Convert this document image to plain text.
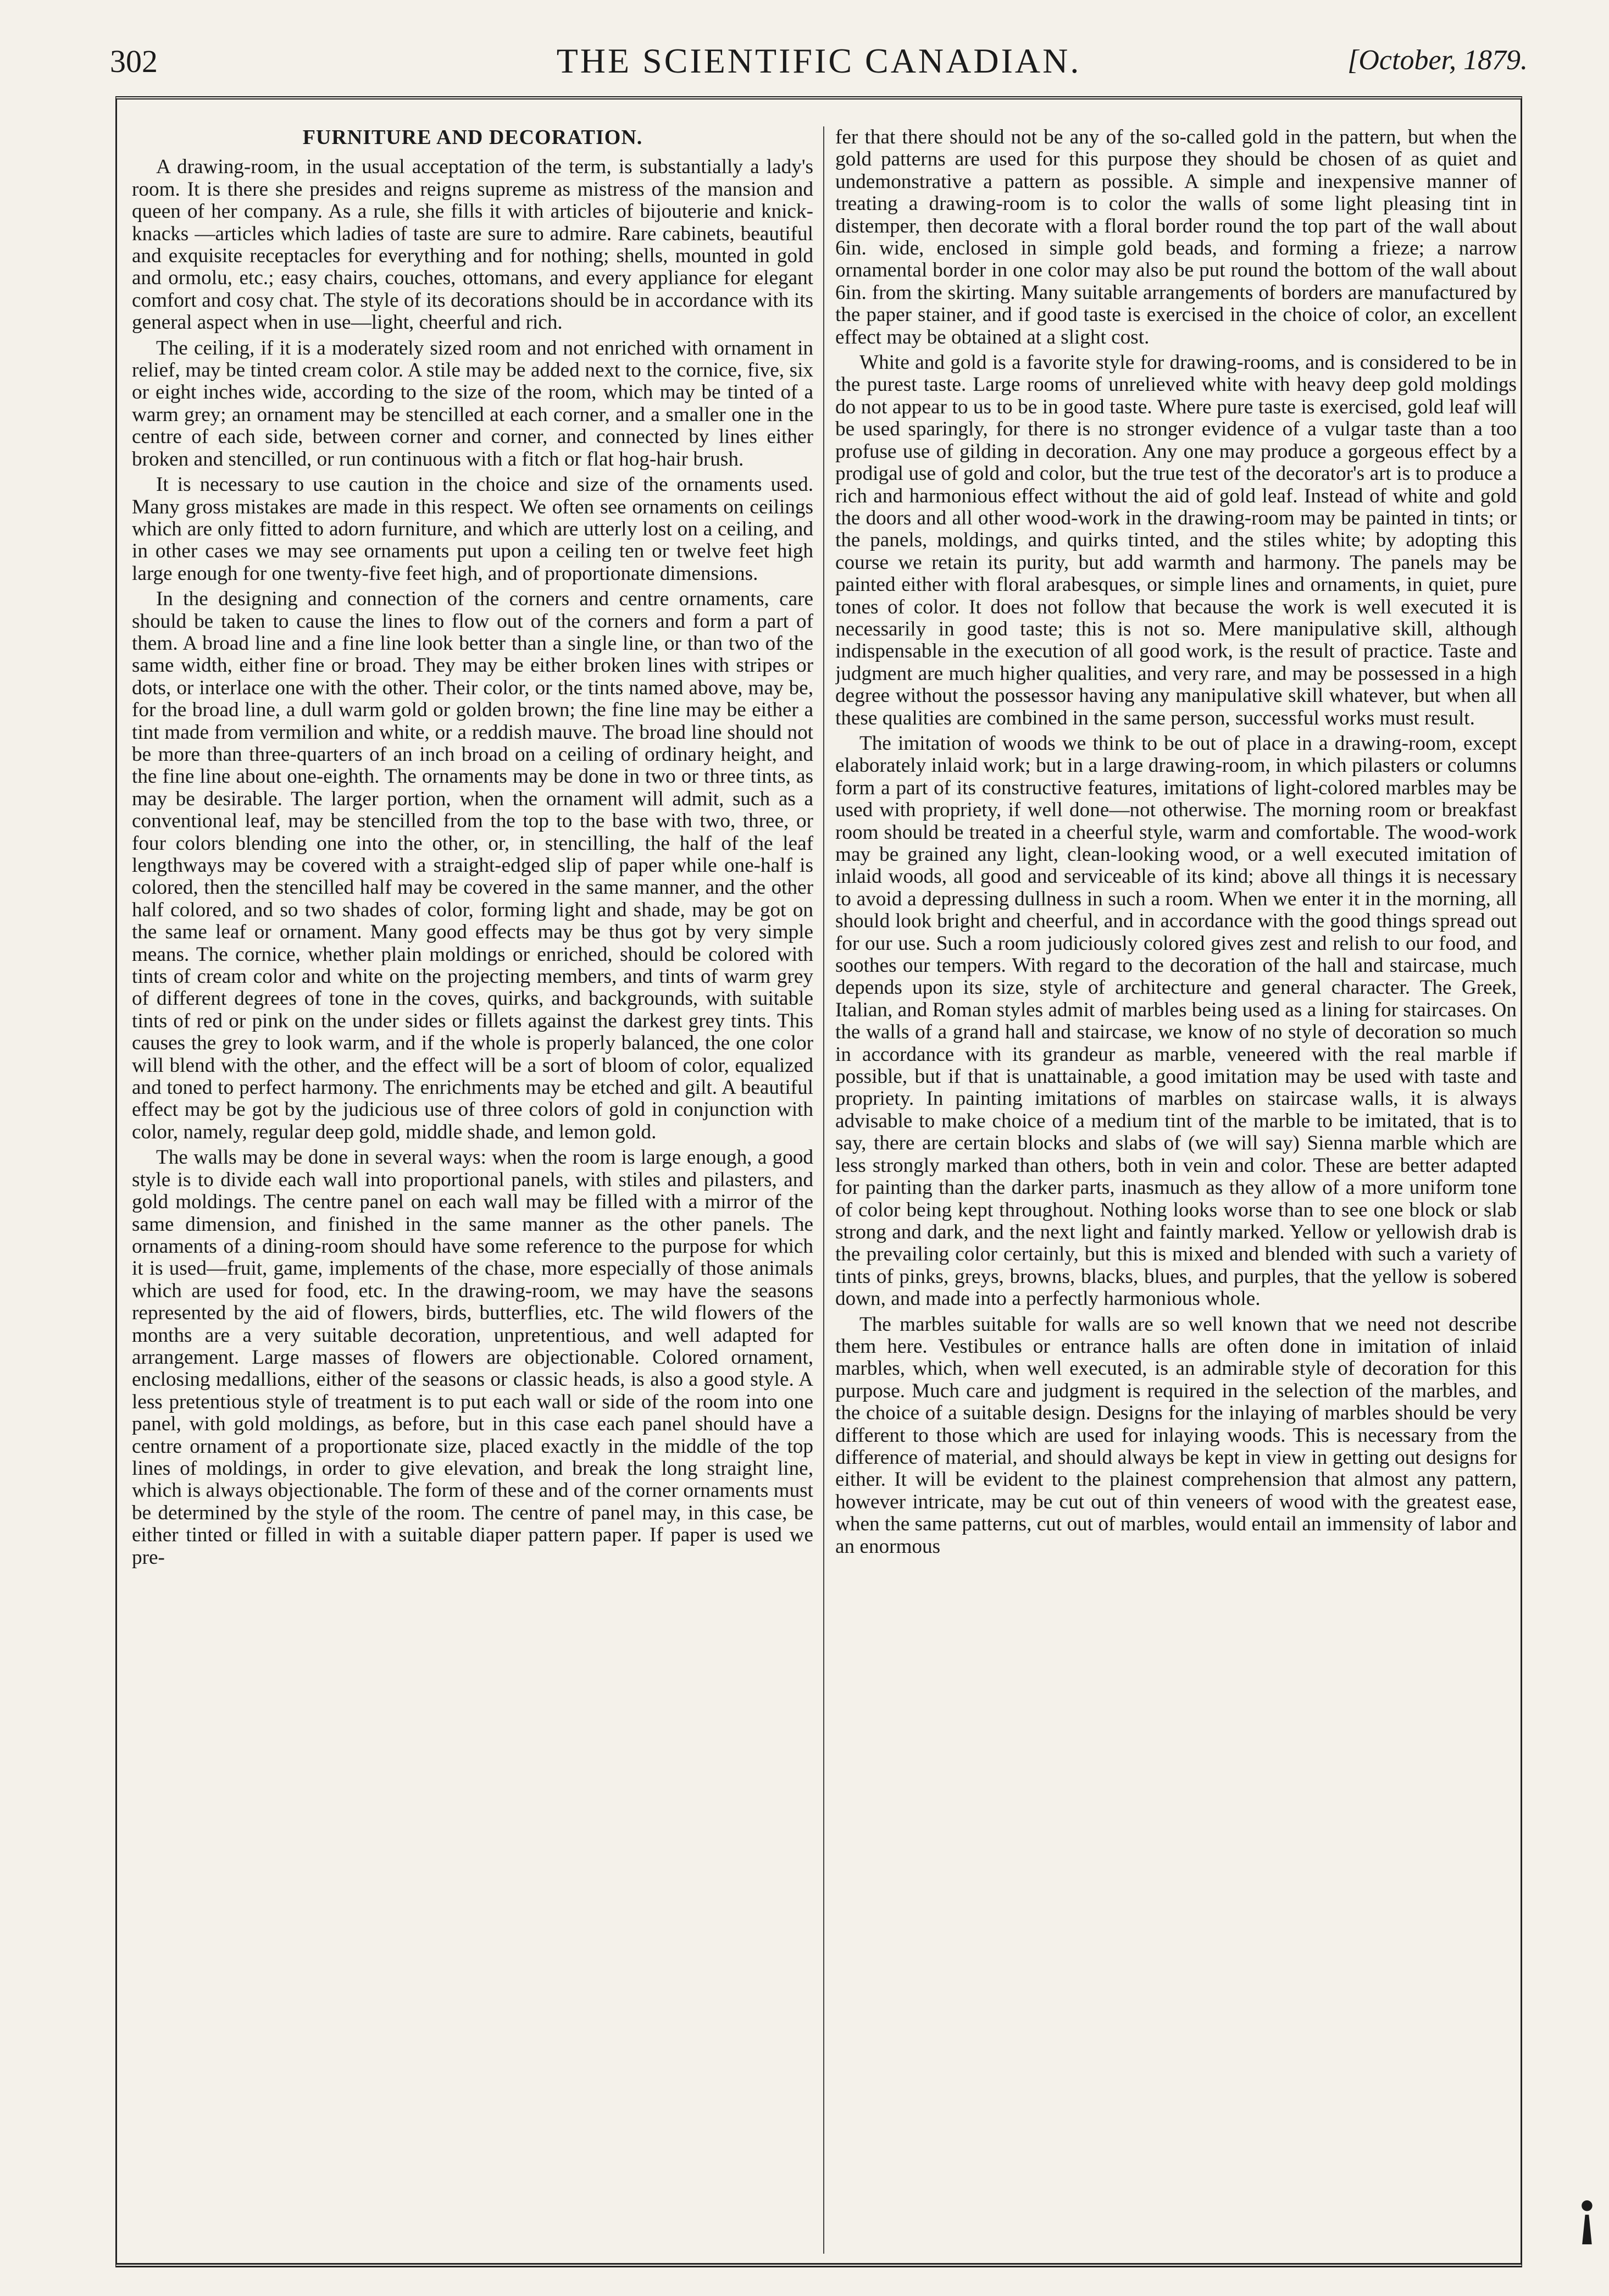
302	THE SCIENTIFIC CANADIAN.	[October, 1879.
FURNITURE AND DECORATION.

A drawing-room, in the usual acceptation of the term, is substantially a lady's room. It is there she presides and reigns supreme as mistress of the mansion and queen of her company. As a rule, she fills it with articles of bijouterie and knick-knacks —articles which ladies of taste are sure to admire. Rare cabinets, beautiful and exquisite receptacles for everything and for nothing; shells, mounted in gold and ormolu, etc.; easy chairs, couches, ottomans, and every appliance for elegant comfort and cosy chat. The style of its decorations should be in accordance with its general aspect when in use—light, cheerful and rich.

The ceiling, if it is a moderately sized room and not enriched with ornament in relief, may be tinted cream color. A stile may be added next to the cornice, five, six or eight inches wide, according to the size of the room, which may be tinted of a warm grey; an ornament may be stencilled at each corner, and a smaller one in the centre of each side, between corner and corner, and connected by lines either broken and stencilled, or run continuous with a fitch or flat hog-hair brush.

It is necessary to use caution in the choice and size of the ornaments used. Many gross mistakes are made in this respect. We often see ornaments on ceilings which are only fitted to adorn furniture, and which are utterly lost on a ceiling, and in other cases we may see ornaments put upon a ceiling ten or twelve feet high large enough for one twenty-five feet high, and of proportionate dimensions.

In the designing and connection of the corners and centre ornaments, care should be taken to cause the lines to flow out of the corners and form a part of them. A broad line and a fine line look better than a single line, or than two of the same width, either fine or broad. They may be either broken lines with stripes or dots, or interlace one with the other. Their color, or the tints named above, may be, for the broad line, a dull warm gold or golden brown; the fine line may be either a tint made from vermilion and white, or a reddish mauve. The broad line should not be more than three-quarters of an inch broad on a ceiling of ordinary height, and the fine line about one-eighth. The ornaments may be done in two or three tints, as may be desirable. The larger portion, when the ornament will admit, such as a conventional leaf, may be stencilled from the top to the base with two, three, or four colors blending one into the other, or, in stencilling, the half of the leaf lengthways may be covered with a straight-edged slip of paper while one-half is colored, then the stencilled half may be covered in the same manner, and the other half colored, and so two shades of color, forming light and shade, may be got on the same leaf or ornament. Many good effects may be thus got by very simple means. The cornice, whether plain moldings or enriched, should be colored with tints of cream color and white on the projecting members, and tints of warm grey of different degrees of tone in the coves, quirks, and backgrounds, with suitable tints of red or pink on the under sides or fillets against the darkest grey tints. This causes the grey to look warm, and if the whole is properly balanced, the one color will blend with the other, and the effect will be a sort of bloom of color, equalized and toned to perfect harmony. The enrichments may be etched and gilt. A beautiful effect may be got by the judicious use of three colors of gold in conjunction with color, namely, regular deep gold, middle shade, and lemon gold.

The walls may be done in several ways: when the room is large enough, a good style is to divide each wall into proportional panels, with stiles and pilasters, and gold moldings. The centre panel on each wall may be filled with a mirror of the same dimension, and finished in the same manner as the other panels. The ornaments of a dining-room should have some reference to the purpose for which it is used—fruit, game, implements of the chase, more especially of those animals which are used for food, etc. In the drawing-room, we may have the seasons represented by the aid of flowers, birds, butterflies, etc. The wild flowers of the months are a very suitable decoration, unpretentious, and well adapted for arrangement. Large masses of flowers are objectionable. Colored ornament, enclosing medallions, either of the seasons or classic heads, is also a good style. A less pretentious style of treatment is to put each wall or side of the room into one panel, with gold moldings, as before, but in this case each panel should have a centre ornament of a proportionate size, placed exactly in the middle of the top lines of moldings, in order to give elevation, and break the long straight line, which is always objectionable. The form of these and of the corner ornaments must be determined by the style of the room. The centre of panel may, in this case, be either tinted or filled in with a suitable diaper pattern paper. If paper is used we pre-

fer that there should not be any of the so-called gold in the pattern, but when the gold patterns are used for this purpose they should be chosen of as quiet and undemonstrative a pattern as possible. A simple and inexpensive manner of treating a drawing-room is to color the walls of some light pleasing tint in distemper, then decorate with a floral border round the top part of the wall about 6in. wide, enclosed in simple gold beads, and forming a frieze; a narrow ornamental border in one color may also be put round the bottom of the wall about 6in. from the skirting. Many suitable arrangements of borders are manufactured by the paper stainer, and if good taste is exercised in the choice of color, an excellent effect may be obtained at a slight cost.

White and gold is a favorite style for drawing-rooms, and is considered to be in the purest taste. Large rooms of unrelieved white with heavy deep gold moldings do not appear to us to be in good taste. Where pure taste is exercised, gold leaf will be used sparingly, for there is no stronger evidence of a vulgar taste than a too profuse use of gilding in decoration. Any one may produce a gorgeous effect by a prodigal use of gold and color, but the true test of the decorator's art is to produce a rich and harmonious effect without the aid of gold leaf. Instead of white and gold the doors and all other wood-work in the drawing-room may be painted in tints; or the panels, moldings, and quirks tinted, and the stiles white; by adopting this course we retain its purity, but add warmth and harmony. The panels may be painted either with floral arabesques, or simple lines and ornaments, in quiet, pure tones of color. It does not follow that because the work is well executed it is necessarily in good taste; this is not so. Mere manipulative skill, although indispensable in the execution of all good work, is the result of practice. Taste and judgment are much higher qualities, and very rare, and may be possessed in a high degree without the possessor having any manipulative skill whatever, but when all these qualities are combined in the same person, successful works must result.

The imitation of woods we think to be out of place in a drawing-room, except elaborately inlaid work; but in a large drawing-room, in which pilasters or columns form a part of its constructive features, imitations of light-colored marbles may be used with propriety, if well done—not otherwise. The morning room or breakfast room should be treated in a cheerful style, warm and comfortable. The wood-work may be grained any light, clean-looking wood, or a well executed imitation of inlaid woods, all good and serviceable of its kind; above all things it is necessary to avoid a depressing dullness in such a room. When we enter it in the morning, all should look bright and cheerful, and in accordance with the good things spread out for our use. Such a room judiciously colored gives zest and relish to our food, and soothes our tempers. With regard to the decoration of the hall and staircase, much depends upon its size, style of architecture and general character. The Greek, Italian, and Roman styles admit of marbles being used as a lining for staircases. On the walls of a grand hall and staircase, we know of no style of decoration so much in accordance with its grandeur as marble, veneered with the real marble if possible, but if that is unattainable, a good imitation may be used with taste and propriety. In painting imitations of marbles on staircase walls, it is always advisable to make choice of a medium tint of the marble to be imitated, that is to say, there are certain blocks and slabs of (we will say) Sienna marble which are less strongly marked than others, both in vein and color. These are better adapted for painting than the darker parts, inasmuch as they allow of a more uniform tone of color being kept throughout. Nothing looks worse than to see one block or slab strong and dark, and the next light and faintly marked. Yellow or yellowish drab is the prevailing color certainly, but this is mixed and blended with such a variety of tints of pinks, greys, browns, blacks, blues, and purples, that the yellow is sobered down, and made into a perfectly harmonious whole.

The marbles suitable for walls are so well known that we need not describe them here. Vestibules or entrance halls are often done in imitation of inlaid marbles, which, when well executed, is an admirable style of decoration for this purpose. Much care and judgment is required in the selection of the marbles, and the choice of a suitable design. Designs for the inlaying of marbles should be very different to those which are used for inlaying woods. This is necessary from the difference of material, and should always be kept in view in getting out designs for either. It will be evident to the plainest comprehension that almost any pattern, however intricate, may be cut out of thin veneers of wood with the greatest ease, when the same patterns, cut out of marbles, would entail an immensity of labor and an enormous

¡
